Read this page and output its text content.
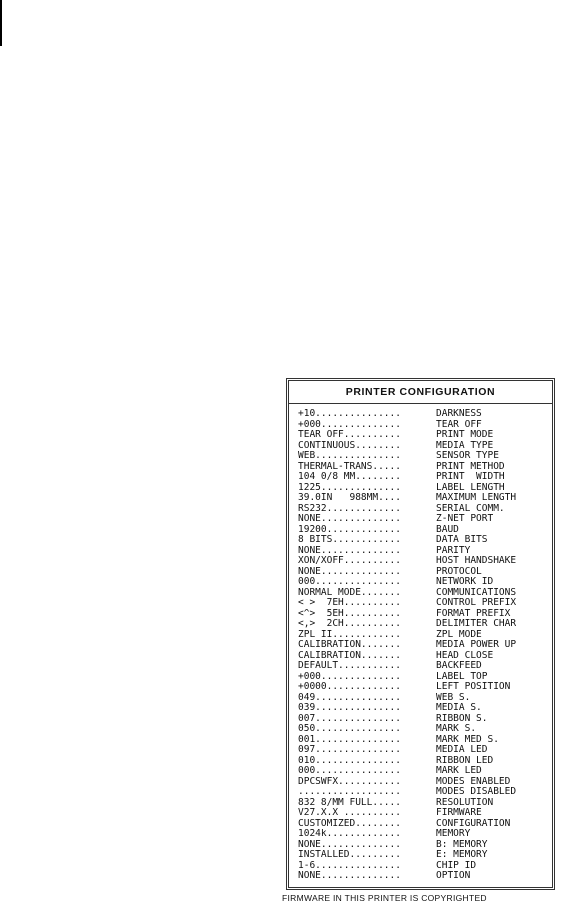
PRINTER CONFIGURATION
+10...............	DARKNESS
+000..............	TEAR OFF
TEAR OFF..........	PRINT MODE
CONTINUOUS........	MEDIA TYPE
WEB...............	SENSOR TYPE
THERMAL-TRANS.....	PRINT METHOD
104 0/8 MM........	PRINT  WIDTH
1225..............	LABEL LENGTH
39.0IN   988MM....	MAXIMUM LENGTH
RS232.............	SERIAL COMM.
NONE..............	Z-NET PORT
19200.............	BAUD
8 BITS............	DATA BITS
NONE..............	PARITY
XON/XOFF..........	HOST HANDSHAKE
NONE..............	PROTOCOL
000...............	NETWORK ID
NORMAL MODE.......	COMMUNICATIONS
< >  7EH..........	CONTROL PREFIX
<^>  5EH..........	FORMAT PREFIX
<,>  2CH..........	DELIMITER CHAR
ZPL II............	ZPL MODE
CALIBRATION.......	MEDIA POWER UP
CALIBRATION.......	HEAD CLOSE
DEFAULT...........	BACKFEED
+000..............	LABEL TOP
+0000.............	LEFT POSITION
049...............	WEB S.
039...............	MEDIA S.
007...............	RIBBON S.
050...............	MARK S.
001...............	MARK MED S.
097...............	MEDIA LED
010...............	RIBBON LED
000...............	MARK LED
DPCSWFX...........	MODES ENABLED
..................	MODES DISABLED
832 8/MM FULL.....	RESOLUTION
V27.X.X ..........	FIRMWARE
CUSTOMIZED........	CONFIGURATION
1024k.............	MEMORY
NONE..............	B: MEMORY
INSTALLED.........	E: MEMORY
1-6...............	CHIP ID
NONE..............	OPTION
FIRMWARE IN THIS PRINTER IS COPYRIGHTED
